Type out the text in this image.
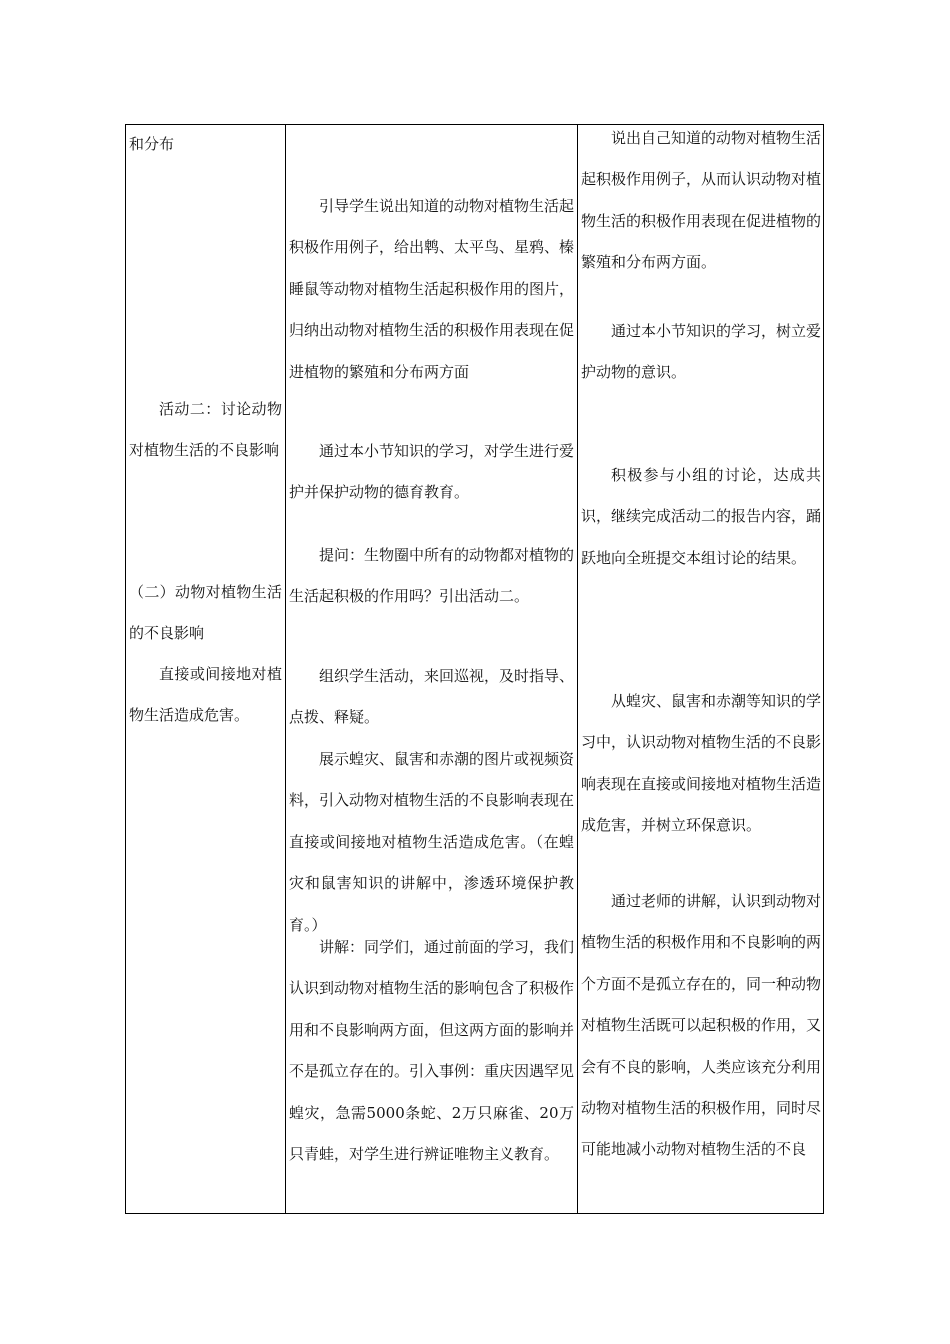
和分布

活动二：讨论动物对植物生活的不良影响

（二）动物对植物生活的不良影响

直接或间接地对植物生活造成危害。

引导学生说出知道的动物对植物生活起积极作用例子，给出鹎、太平鸟、星鸦、榛睡鼠等动物对植物生活起积极作用的图片，归纳出动物对植物生活的积极作用表现在促进植物的繁殖和分布两方面

通过本小节知识的学习，对学生进行爱护并保护动物的德育教育。

提问：生物圈中所有的动物都对植物的生活起积极的作用吗？引出活动二。

组织学生活动，来回巡视，及时指导、点拨、释疑。

展示蝗灾、鼠害和赤潮的图片或视频资料，引入动物对植物生活的不良影响表现在直接或间接地对植物生活造成危害。（在蝗灾和鼠害知识的讲解中，渗透环境保护教育。）

讲解：同学们，通过前面的学习，我们认识到动物对植物生活的影响包含了积极作用和不良影响两方面，但这两方面的影响并不是孤立存在的。引入事例：重庆因遇罕见蝗灾，急需5000条蛇、2万只麻雀、20万只青蛙，对学生进行辨证唯物主义教育。

说出自己知道的动物对植物生活起积极作用例子，从而认识动物对植物生活的积极作用表现在促进植物的繁殖和分布两方面。

通过本小节知识的学习，树立爱护动物的意识。

积极参与小组的讨论，达成共识，继续完成活动二的报告内容，踊跃地向全班提交本组讨论的结果。

从蝗灾、鼠害和赤潮等知识的学习中，认识动物对植物生活的不良影响表现在直接或间接地对植物生活造成危害，并树立环保意识。

通过老师的讲解，认识到动物对植物生活的积极作用和不良影响的两个方面不是孤立存在的，同一种动物对植物生活既可以起积极的作用，又会有不良的影响，人类应该充分利用动物对植物生活的积极作用，同时尽可能地减小动物对植物生活的不良
